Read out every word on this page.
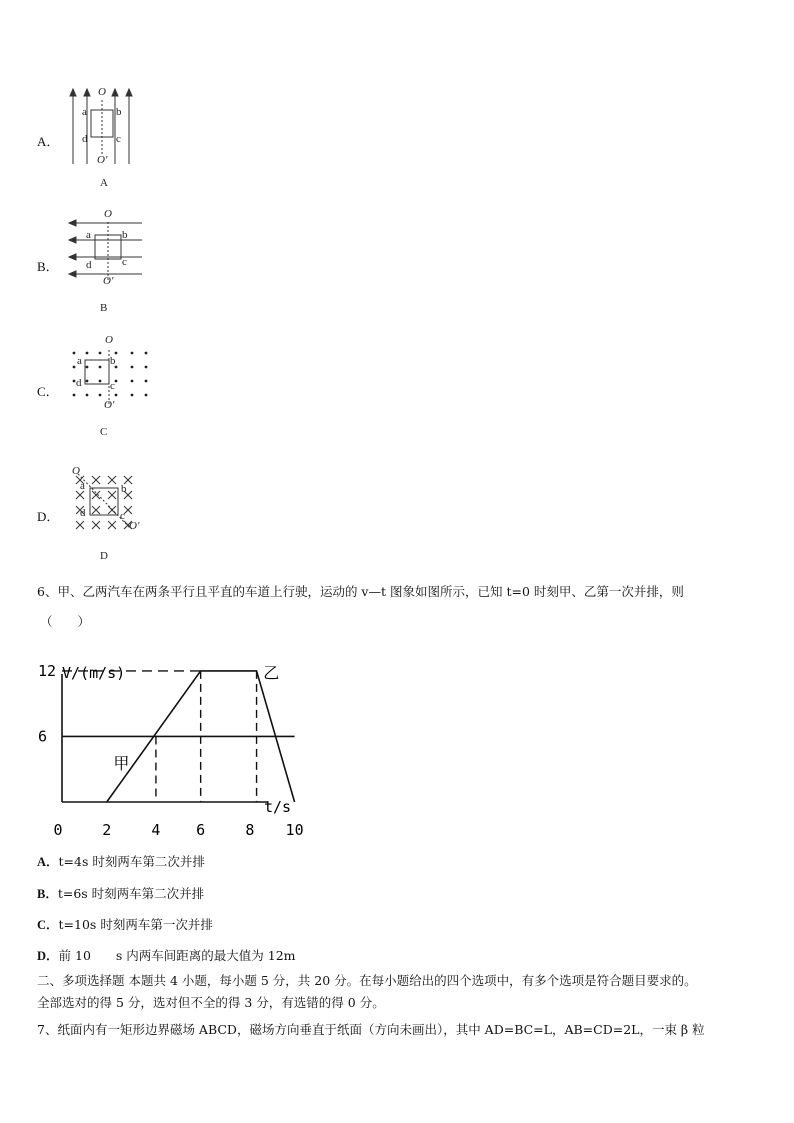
A．
O
O′
a	b
c
d
A
B．
O
O′
a	b
c
d
B
C．
O
O′
a	b
c
d
C
D．
O
O′
a	b
c
d
D
6、甲、乙两汽车在两条平行且平直的车道上行驶，运动的 v—t 图象如图所示，已知 t=0 时刻甲、乙第一次并排，则
（　　）
V/(m/s)
t/s
甲
乙
12
6
0	2	4 6	8 10
A．t=4s 时刻两车第二次并排
B．t=6s 时刻两车第二次并排
C．t=10s 时刻两车第一次并排
D．前 10　　s 内两车间距离的最大值为 12m
二、多项选择题 本题共 4 小题，每小题 5 分，共 20 分。在每小题给出的四个选项中，有多个选项是符合题目要求的。
全部选对的得 5 分，选对但不全的得 3 分，有选错的得 0 分。
7、纸面内有一矩形边界磁场 ABCD，磁场方向垂直于纸面（方向未画出），其中 AD=BC=L，AB=CD=2L，一束 β 粒
